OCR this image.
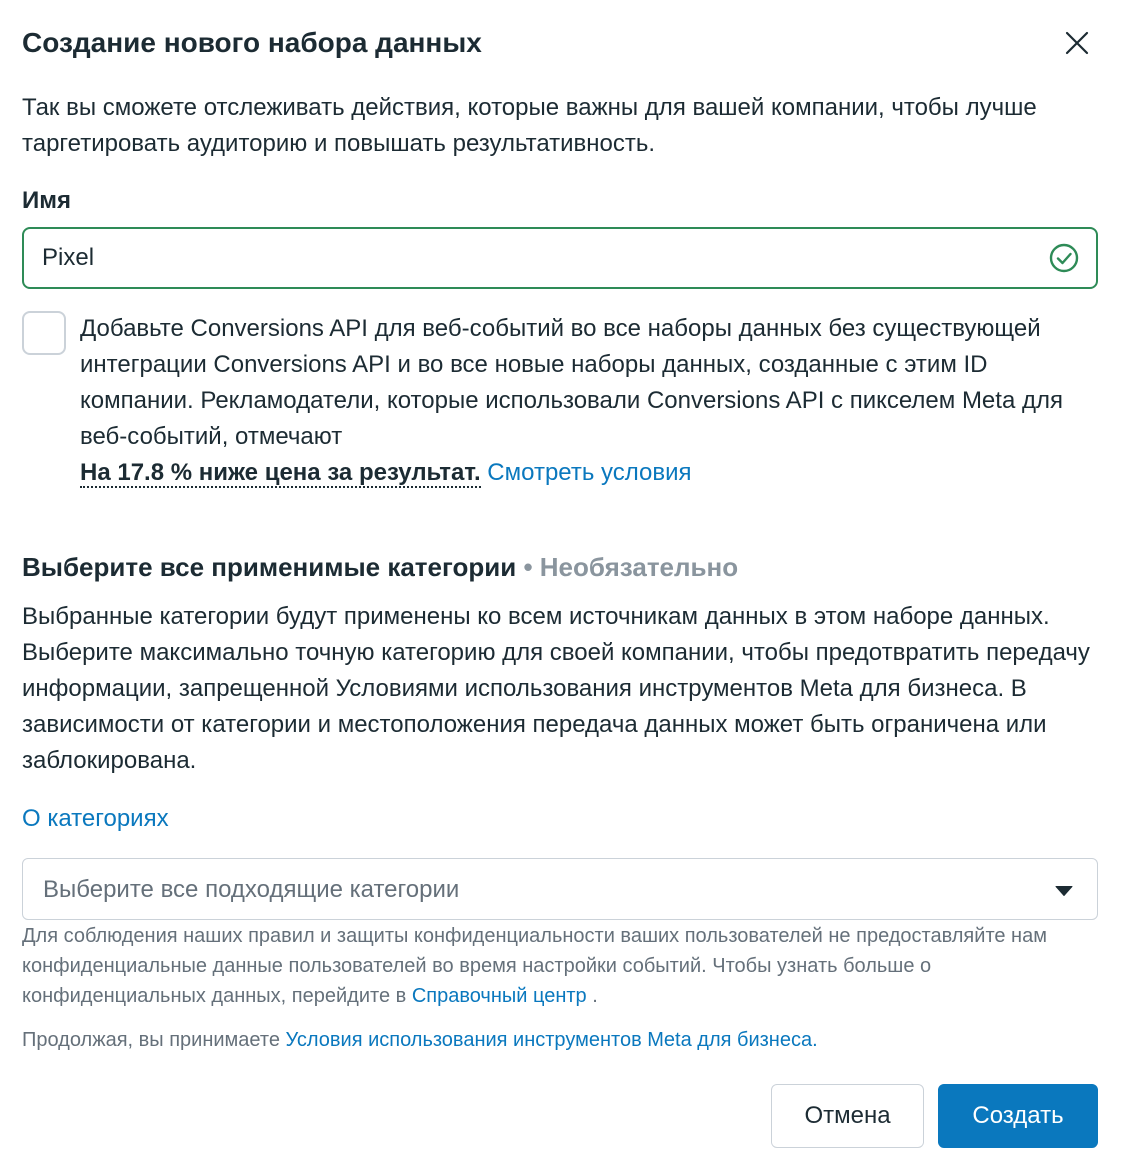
Создание нового набора данных
Так вы сможете отслеживать действия, которые важны для вашей компании, чтобы лучше таргетировать аудиторию и повышать результативность.
Имя
Pixel
Добавьте Conversions API для веб-событий во все наборы данных без существующей интеграции Conversions API и во все новые наборы данных, созданные с этим ID компании. Рекламодатели, которые использовали Conversions API с пикселем Meta для веб-событий, отмечают
На 17.8 % ниже цена за результат. Смотреть условия
Выберите все применимые категории • Необязательно
Выбранные категории будут применены ко всем источникам данных в этом наборе данных. Выберите максимально точную категорию для своей компании, чтобы предотвратить передачу информации, запрещенной Условиями использования инструментов Meta для бизнеса. В зависимости от категории и местоположения передача данных может быть ограничена или заблокирована.
О категориях
Выберите все подходящие категории
Для соблюдения наших правил и защиты конфиденциальности ваших пользователей не предоставляйте нам конфиденциальные данные пользователей во время настройки событий. Чтобы узнать больше о конфиденциальных данных, перейдите в Справочный центр .
Продолжая, вы принимаете Условия использования инструментов Meta для бизнеса.
Отмена	Создать
